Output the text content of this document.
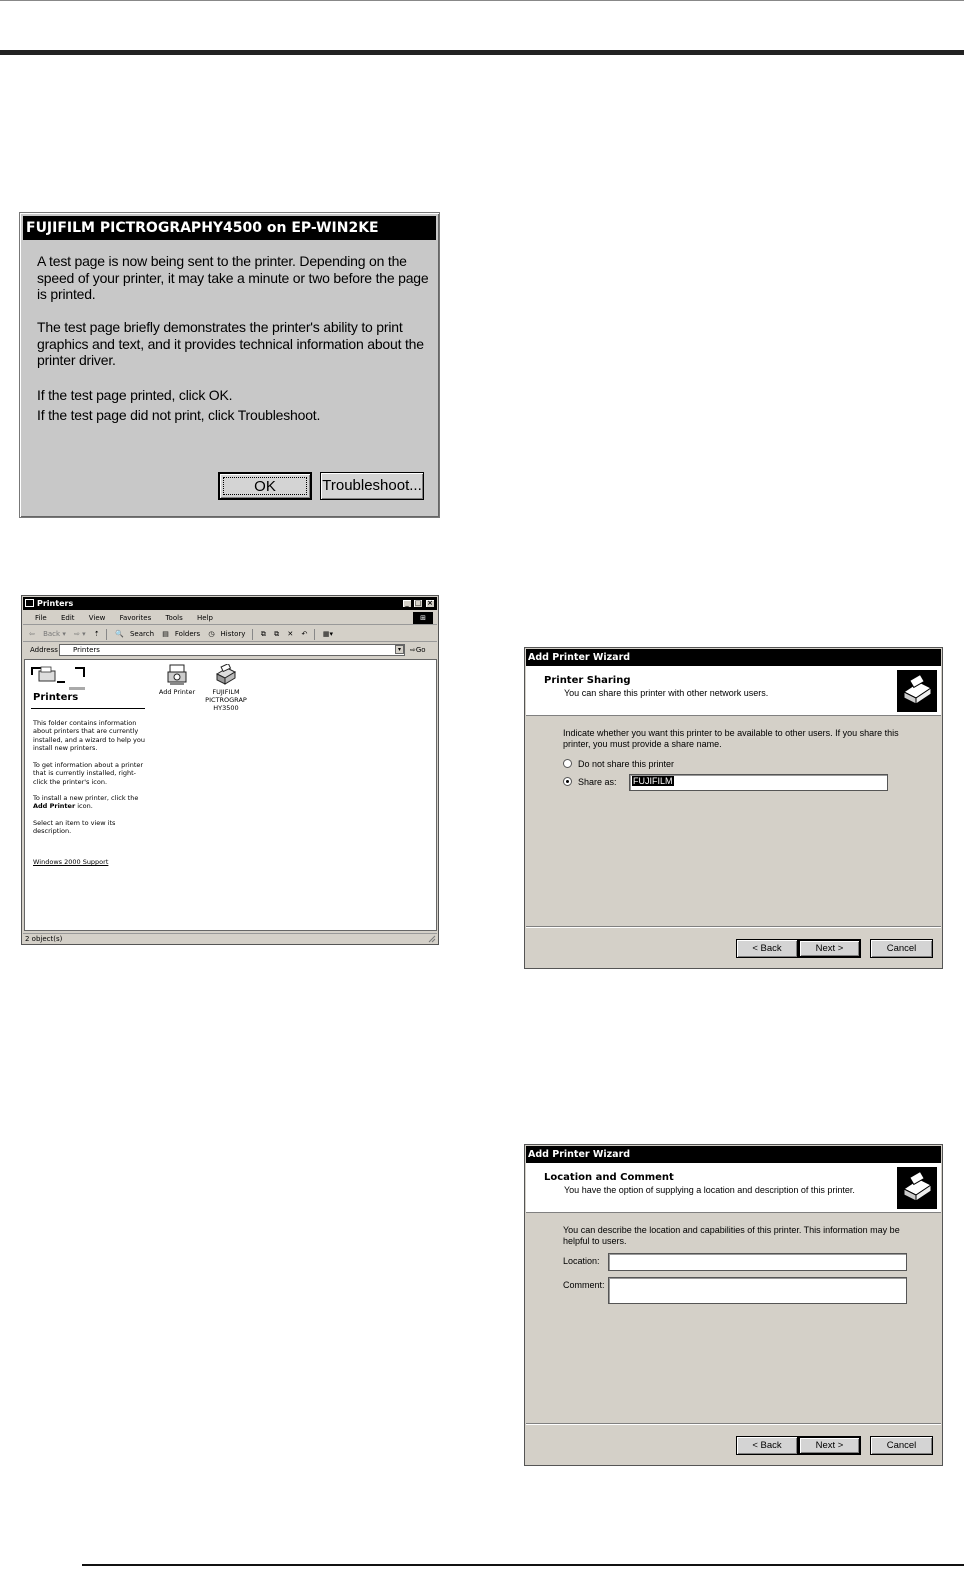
FUJIFILM PICTROGRAPHY4500 on EP-WIN2KE
A test page is now being sent to the printer. Depending on the speed of your printer, it may take a minute or two before the page is printed.
The test page briefly demonstrates the printer's ability to print graphics and text, and it provides technical information about the printer driver.
If the test page printed, click OK.
If the test page did not print, click Troubleshoot.
OK	Troubleshoot...
Printers	_ □ ×
File Edit View Favorites Tools Help	⊞
⇦ Back ▾ ⇨ ▾ ⇡ 🔍 Search ▤ Folders ◷ History ⧉ ⧉ ✕ ↶ ▦▾
Address	Printers	▾	⇨Go
Printers
This folder contains information about printers that are currently installed, and a wizard to help you install new printers.
To get information about a printer that is currently installed, right-click the printer's icon.
To install a new printer, click the Add Printer icon.
Select an item to view its description.
Windows 2000 Support
Add Printer	FUJIFILM PICTROGRAP HY3500
2 object(s)
Add Printer Wizard
Printer Sharing
You can share this printer with other network users.
Indicate whether you want this printer to be available to other users. If you share this printer, you must provide a share name.
Do not share this printer
Share as:	FUJIFILM
< Back	Next >	Cancel
Add Printer Wizard
Location and Comment
You have the option of supplying a location and description of this printer.
You can describe the location and capabilities of this printer. This information may be helpful to users.
Location:
Comment:
< Back	Next >	Cancel
